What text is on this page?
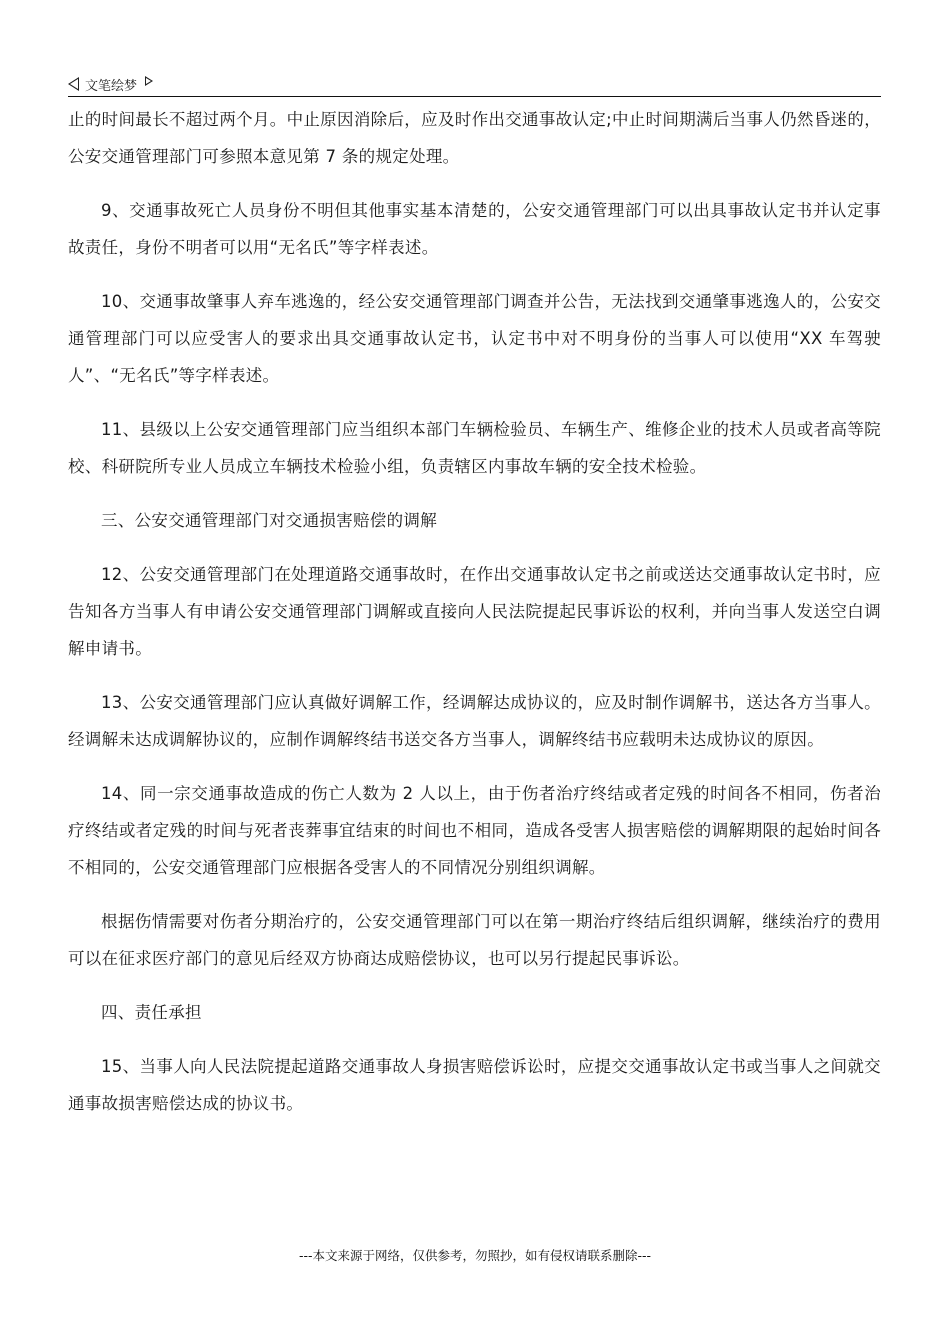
文笔绘梦

止的时间最长不超过两个月。中止原因消除后，应及时作出交通事故认定;中止时间期满后当事人仍然昏迷的，公安交通管理部门可参照本意见第 7 条的规定处理。

9、交通事故死亡人员身份不明但其他事实基本清楚的，公安交通管理部门可以出具事故认定书并认定事故责任，身份不明者可以用“无名氏”等字样表述。

10、交通事故肇事人弃车逃逸的，经公安交通管理部门调查并公告，无法找到交通肇事逃逸人的，公安交通管理部门可以应受害人的要求出具交通事故认定书，认定书中对不明身份的当事人可以使用“XX 车驾驶人”、“无名氏”等字样表述。

11、县级以上公安交通管理部门应当组织本部门车辆检验员、车辆生产、维修企业的技术人员或者高等院校、科研院所专业人员成立车辆技术检验小组，负责辖区内事故车辆的安全技术检验。

三、公安交通管理部门对交通损害赔偿的调解

12、公安交通管理部门在处理道路交通事故时，在作出交通事故认定书之前或送达交通事故认定书时，应告知各方当事人有申请公安交通管理部门调解或直接向人民法院提起民事诉讼的权利，并向当事人发送空白调解申请书。

13、公安交通管理部门应认真做好调解工作，经调解达成协议的，应及时制作调解书，送达各方当事人。经调解未达成调解协议的，应制作调解终结书送交各方当事人，调解终结书应载明未达成协议的原因。

14、同一宗交通事故造成的伤亡人数为 2 人以上，由于伤者治疗终结或者定残的时间各不相同，伤者治疗终结或者定残的时间与死者丧葬事宜结束的时间也不相同，造成各受害人损害赔偿的调解期限的起始时间各不相同的，公安交通管理部门应根据各受害人的不同情况分别组织调解。

根据伤情需要对伤者分期治疗的，公安交通管理部门可以在第一期治疗终结后组织调解，继续治疗的费用可以在征求医疗部门的意见后经双方协商达成赔偿协议，也可以另行提起民事诉讼。

四、责任承担

15、当事人向人民法院提起道路交通事故人身损害赔偿诉讼时，应提交交通事故认定书或当事人之间就交通事故损害赔偿达成的协议书。

---本文来源于网络，仅供参考，勿照抄，如有侵权请联系删除---
